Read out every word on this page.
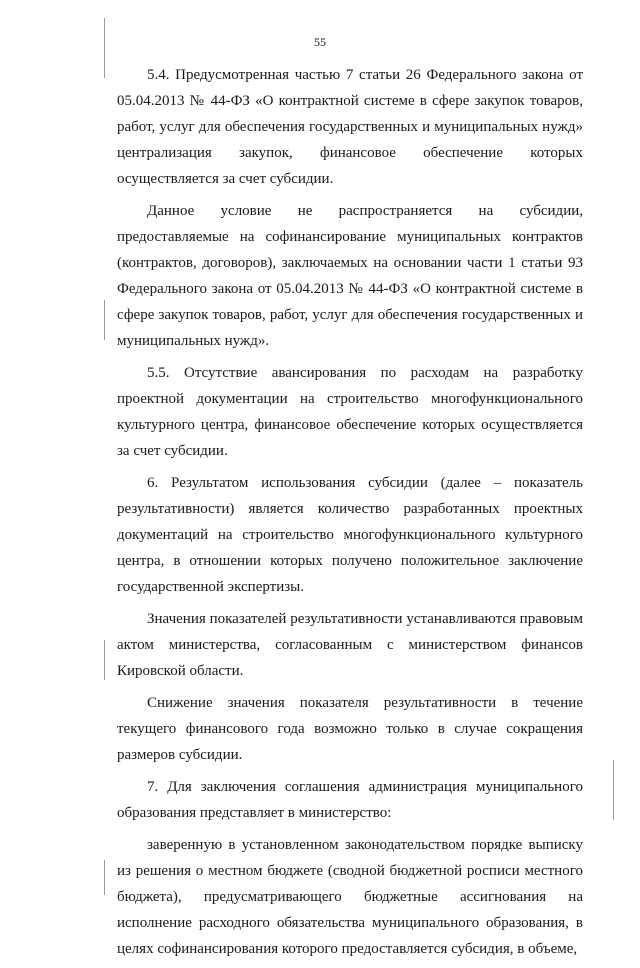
55

5.4. Предусмотренная частью 7 статьи 26 Федерального закона от 05.04.2013 № 44-ФЗ «О контрактной системе в сфере закупок товаров, работ, услуг для обеспечения государственных и муниципальных нужд» централизация закупок, финансовое обеспечение которых осуществляется за счет субсидии.

Данное условие не распространяется на субсидии, предоставляемые на софинансирование муниципальных контрактов (контрактов, договоров), заключаемых на основании части 1 статьи 93 Федерального закона от 05.04.2013 № 44-ФЗ «О контрактной системе в сфере закупок товаров, работ, услуг для обеспечения государственных и муниципальных нужд».

5.5. Отсутствие авансирования по расходам на разработку проектной документации на строительство многофункционального культурного центра, финансовое обеспечение которых осуществляется за счет субсидии.

6. Результатом использования субсидии (далее – показатель результативности) является количество разработанных проектных документаций на строительство многофункционального культурного центра, в отношении которых получено положительное заключение государственной экспертизы.

Значения показателей результативности устанавливаются правовым актом министерства, согласованным с министерством финансов Кировской области.

Снижение значения показателя результативности в течение текущего финансового года возможно только в случае сокращения размеров субсидии.

7. Для заключения соглашения администрация муниципального образования представляет в министерство:

заверенную в установленном законодательством порядке выписку из решения о местном бюджете (сводной бюджетной росписи местного бюджета), предусматривающего бюджетные ассигнования на исполнение расходного обязательства муниципального образования, в целях софинансирования которого предоставляется субсидия, в объеме,
